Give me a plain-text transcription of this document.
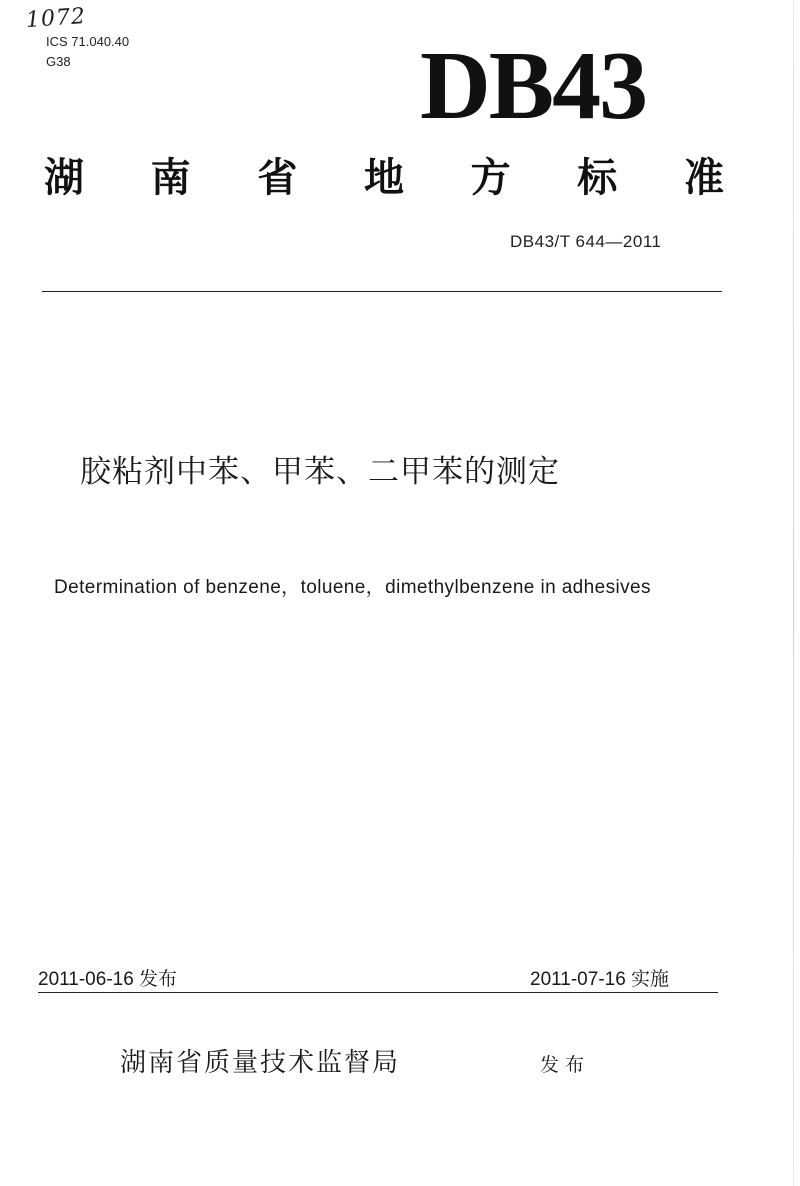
1072
ICS 71.040.40
G38	DB43
湖 南 省 地 方 标 准
DB43/T 644—2011
胶粘剂中苯、甲苯、二甲苯的测定
Determination of benzene，toluene，dimethylbenzene in adhesives
2011-06-16 发布	2011-07-16 实施
湖南省质量技术监督局	发布
